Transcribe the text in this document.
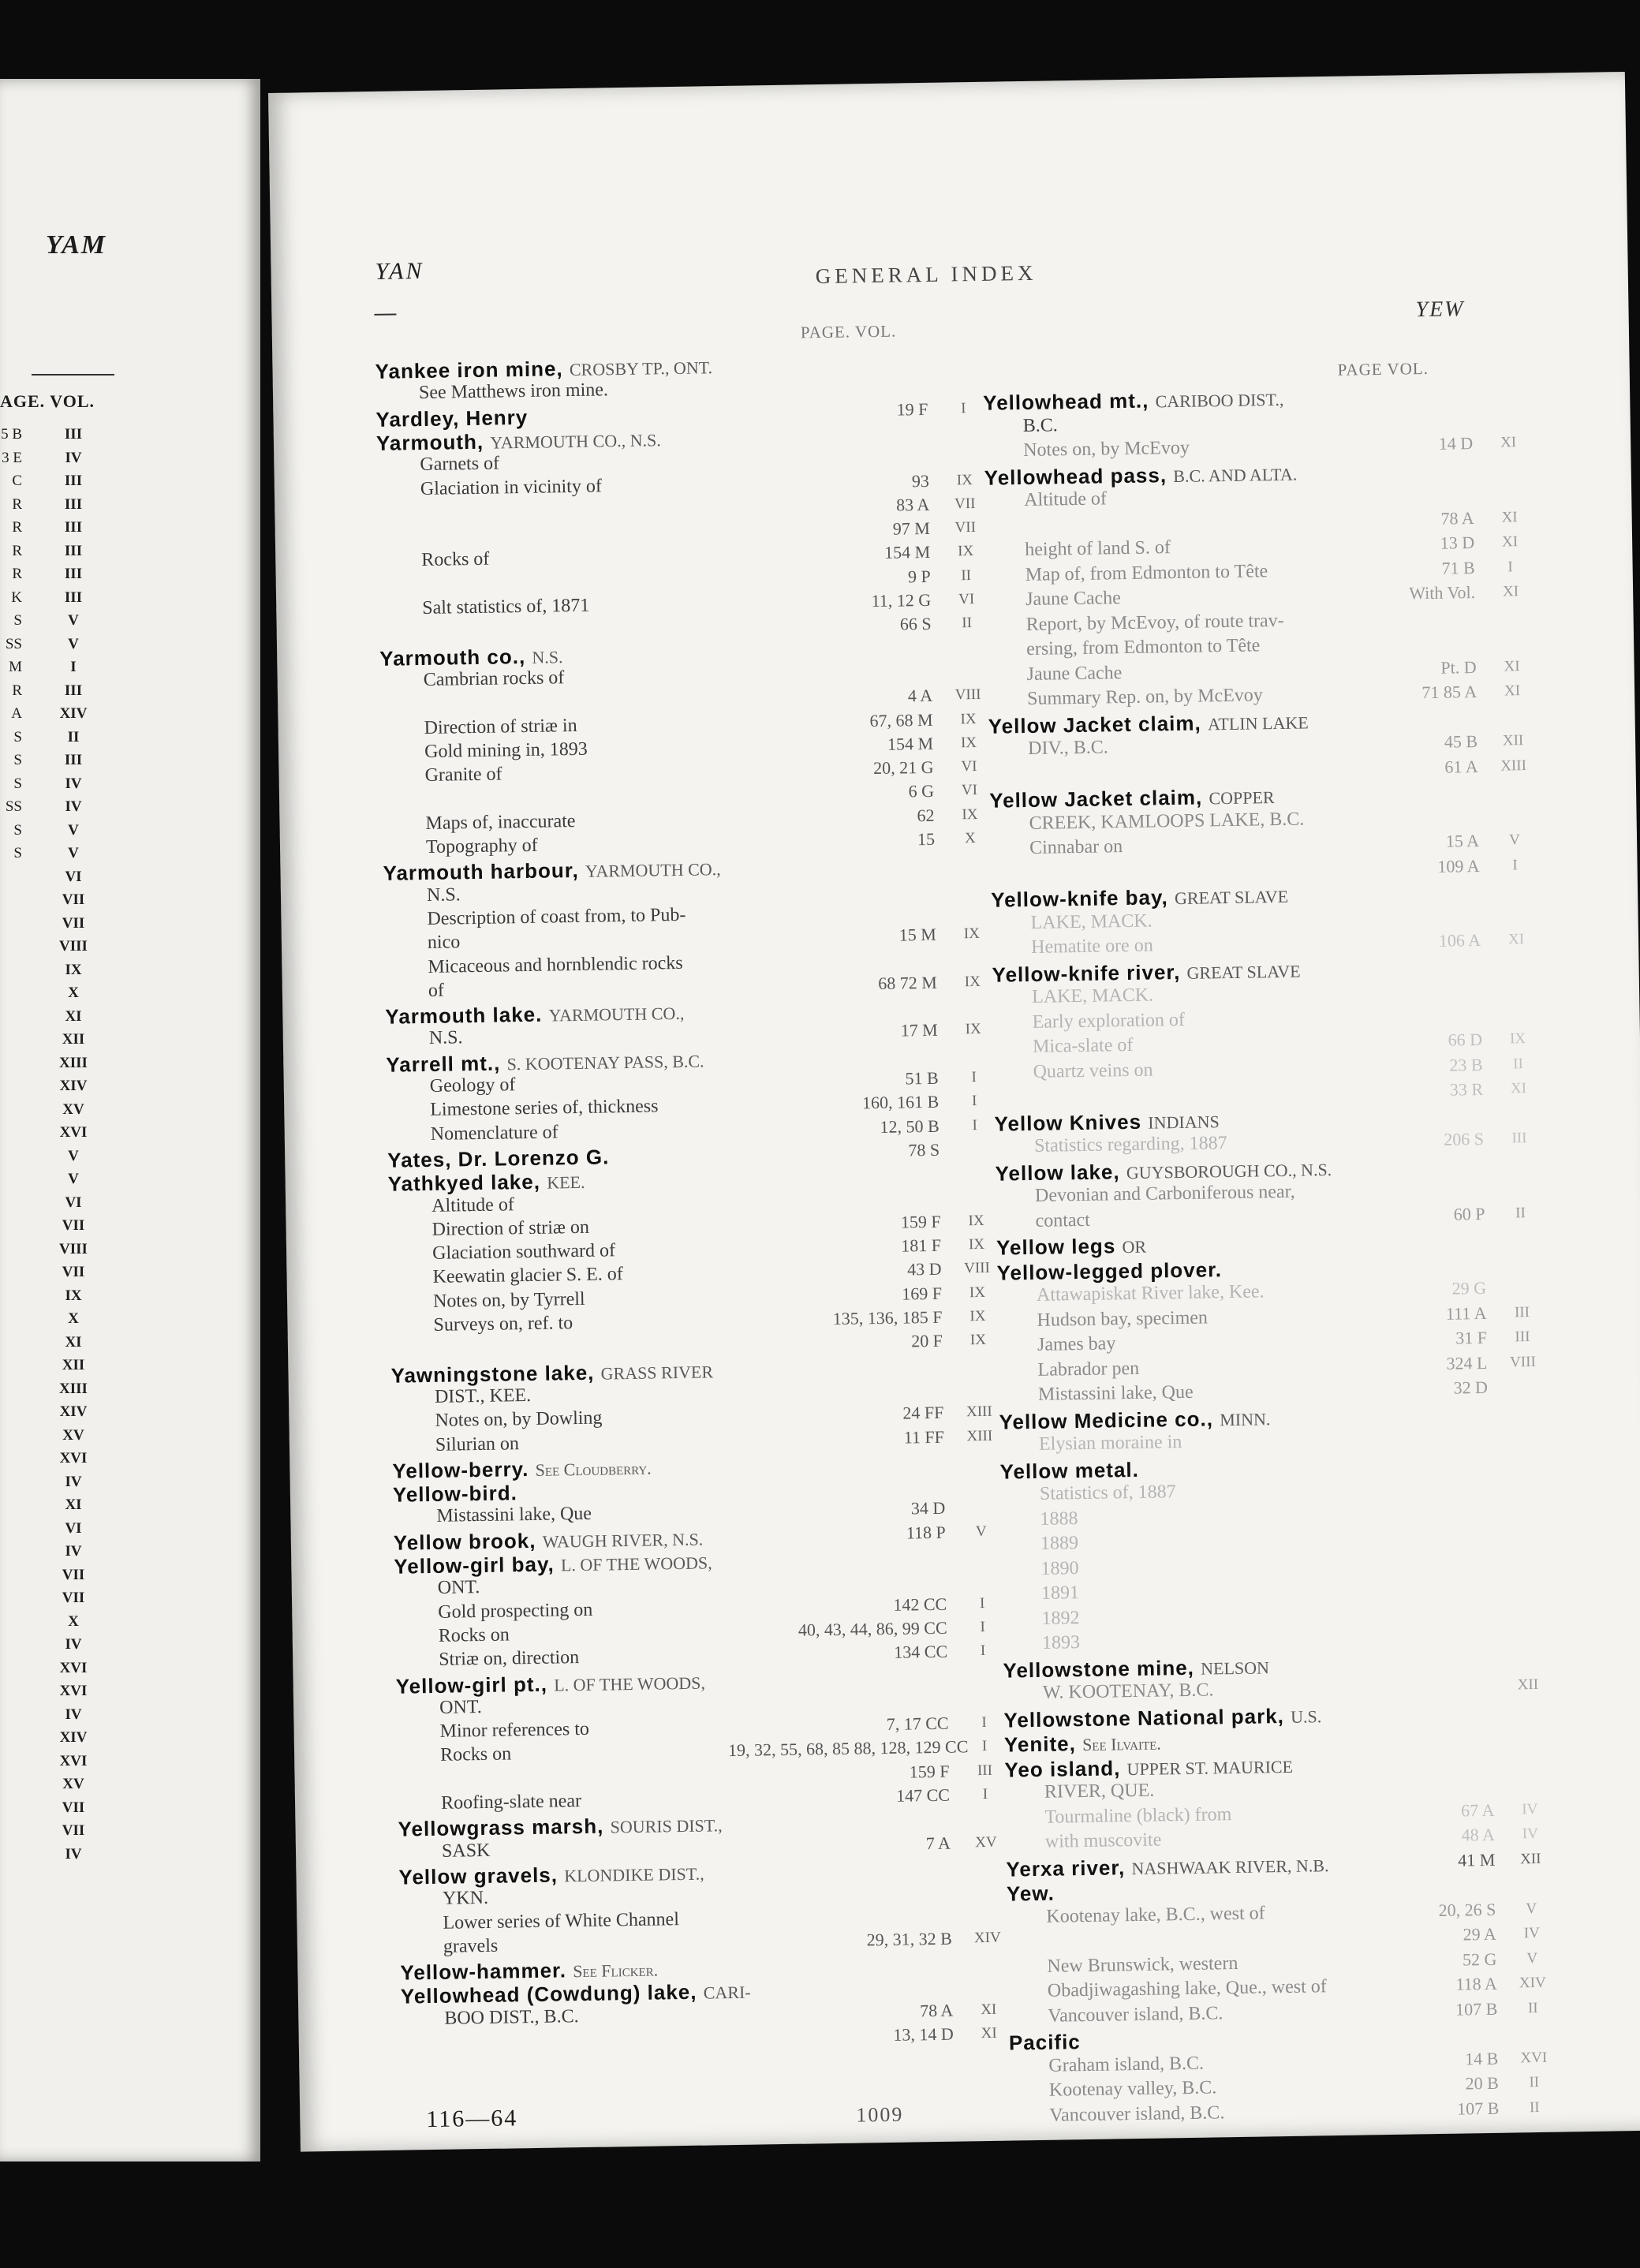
YAM
AGE. VOL.
5 B	III
3 E	IV
C	III
R	III
R	III
R	III
R	III
K	III
S	V
SS	V
M	I
R	III
A	XIV
S	II
S	III
S	IV
SS	IV
S	V
S	V
VI
VII
VII
VIII
IX
X
XI
XII
XIII
XIV
XV
XVI
V
V
VI
VII
VIII
VII
IX
X
XI
XII
XIII
XIV
XV
XVI
IV
XI
VI
IV
VII
VII
X
IV
XVI
XVI
IV
XIV
XVI
XV
VII
VII
IV
YAN	GENERAL INDEX
YEW
PAGE. VOL.
PAGE VOL.
Yankee iron mine, CROSBY TP., ONT.
See Matthews iron mine.
Yardley, Henry	19 F	I
Yarmouth, YARMOUTH CO., N.S.
Garnets of
Glaciation in vicinity of	93	IX
83 A	VII
97 M	VII
Rocks of	154 M	IX
9 P	II
Salt statistics of, 1871	11, 12 G	VI
66 S	II
Yarmouth co., N.S.
Cambrian rocks of
4 A	VIII
Direction of striæ in	67, 68 M	IX
Gold mining in, 1893	154 M	IX
Granite of	20, 21 G	VI
6 G	VI
Maps of, inaccurate	62	IX
Topography of	15	X
Yarmouth harbour, YARMOUTH CO.,
N.S.
Description of coast from, to Pub-
nico	15 M	IX
Micaceous and hornblendic rocks
of	68 72 M	IX
Yarmouth lake. YARMOUTH CO.,
N.S.	17 M	IX
Yarrell mt., S. KOOTENAY PASS, B.C.
Geology of	51 B	I
Limestone series of, thickness	160, 161 B	I
Nomenclature of	12, 50 B	I
Yates, Dr. Lorenzo G.	78 S
Yathkyed lake, KEE.
Altitude of
Direction of striæ on	159 F	IX
Glaciation southward of	181 F	IX
Keewatin glacier S. E. of	43 D	VIII
Notes on, by Tyrrell	169 F	IX
Surveys on, ref. to	135, 136, 185 F	IX
20 F	IX
Yawningstone lake, GRASS RIVER
DIST., KEE.
Notes on, by Dowling	24 FF	XIII
Silurian on	11 FF	XIII
Yellow-berry. See Cloudberry.
Yellow-bird.
Mistassini lake, Que	34 D
Yellow brook, WAUGH RIVER, N.S.	118 P	V
Yellow-girl bay, L. OF THE WOODS,
ONT.
Gold prospecting on	142 CC	I
Rocks on	40, 43, 44, 86, 99 CC	I
Striæ on, direction	134 CC	I
Yellow-girl pt., L. OF THE WOODS,
ONT.
Minor references to	7, 17 CC	I
Rocks on	19, 32, 55, 68, 85 88, 128, 129 CC I
159 F	III
Roofing-slate near	147 CC	I
Yellowgrass marsh, SOURIS DIST.,
SASK	7 A	XV
Yellow gravels, KLONDIKE DIST.,
YKN.
Lower series of White Channel
gravels	29, 31, 32 B	XIV
Yellow-hammer. See Flicker.
Yellowhead (Cowdung) lake, CARI-
BOO DIST., B.C.	78 A	XI
13, 14 D	XI
Yellowhead mt., CARIBOO DIST.,
B.C.
Notes on, by McEvoy	14 D	XI
Yellowhead pass, B.C. AND ALTA.
Altitude of
78 A	XI
height of land S. of	13 D	XI
Map of, from Edmonton to Tête	71 B	I
Jaune Cache	With Vol.	XI
Report, by McEvoy, of route trav-
ersing, from Edmonton to Tête
Jaune Cache	Pt. D	XI
Summary Rep. on, by McEvoy	71 85 A	XI
Yellow Jacket claim, ATLIN LAKE
DIV., B.C.	45 B	XII
61 A	XIII
Yellow Jacket claim, COPPER
CREEK, KAMLOOPS LAKE, B.C.
Cinnabar on	15 A	V
109 A	I
Yellow-knife bay, GREAT SLAVE
LAKE, MACK.
Hematite ore on	106 A	XI
Yellow-knife river, GREAT SLAVE
LAKE, MACK.
Early exploration of
Mica-slate of	66 D	IX
Quartz veins on	23 B	II
33 R	XI
Yellow Knives INDIANS
Statistics regarding, 1887	206 S	III
Yellow lake, GUYSBOROUGH CO., N.S.
Devonian and Carboniferous near,
contact	60 P	II
Yellow legs OR
Yellow-legged plover.
Attawapiskat River lake, Kee.	29 G
Hudson bay, specimen	111 A	III
James bay	31 F	III
Labrador pen	324 L	VIII
Mistassini lake, Que	32 D
Yellow Medicine co., MINN.
Elysian moraine in
Yellow metal.
Statistics of, 1887
1888
1889
1890
1891
1892
1893
Yellowstone mine, NELSON
W. KOOTENAY, B.C.	XII
Yellowstone National park, U.S.
Yenite, See Ilvaite.
Yeo island, UPPER ST. MAURICE
RIVER, QUE.
Tourmaline (black) from	67 A	IV
with muscovite	48 A	IV
Yerxa river, NASHWAAK RIVER, N.B.	41 M	XII
Yew.
Kootenay lake, B.C., west of	20, 26 S	V
29 A	IV
New Brunswick, western	52 G	V
Obadjiwagashing lake, Que., west of	118 A	XIV
Vancouver island, B.C.	107 B	II
Pacific
Graham island, B.C.	14 B	XVI
Kootenay valley, B.C.	20 B	II
Vancouver island, B.C.	107 B	II
116—64	1009
